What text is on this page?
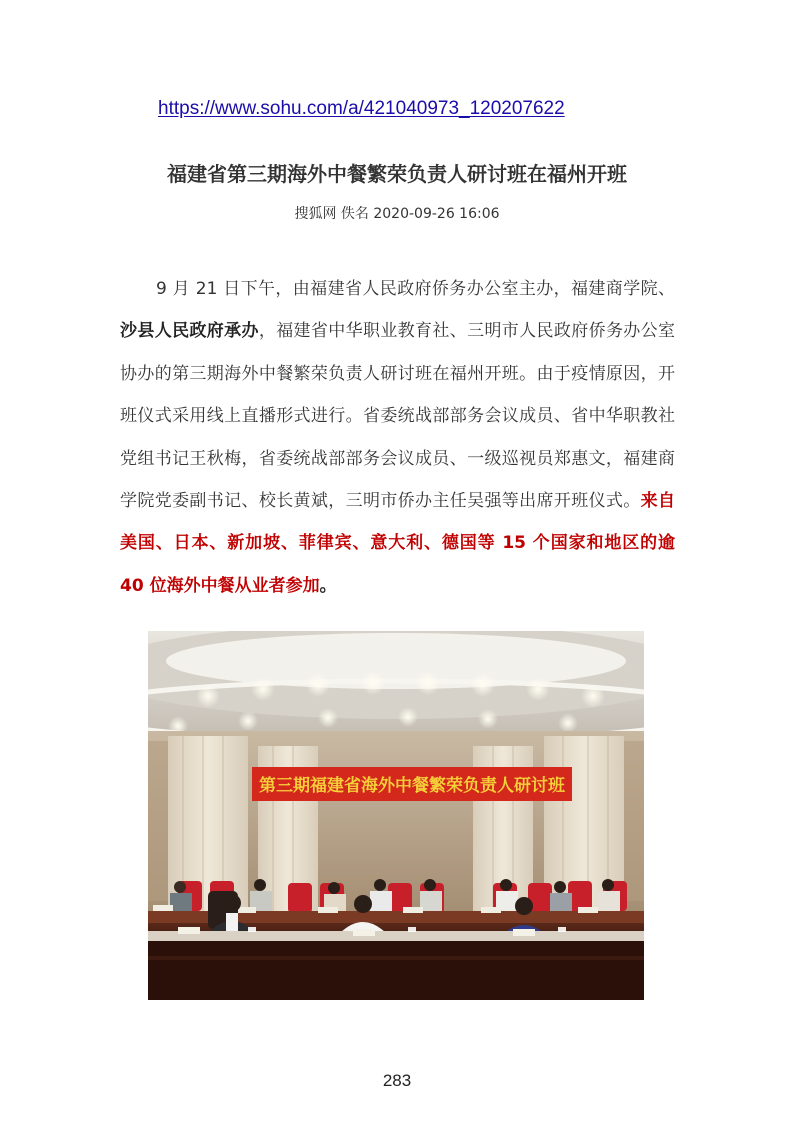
https://www.sohu.com/a/421040973_120207622
福建省第三期海外中餐繁荣负责人研讨班在福州开班
搜狐网 佚名 2020-09-26 16:06
9 月 21 日下午，由福建省人民政府侨务办公室主办，福建商学院、沙县人民政府承办，福建省中华职业教育社、三明市人民政府侨务办公室协办的第三期海外中餐繁荣负责人研讨班在福州开班。由于疫情原因，开班仪式采用线上直播形式进行。省委统战部部务会议成员、省中华职教社党组书记王秋梅，省委统战部部务会议成员、一级巡视员郑惠文，福建商学院党委副书记、校长黄斌，三明市侨办主任吴强等出席开班仪式。来自美国、日本、新加坡、菲律宾、意大利、德国等 15 个国家和地区的逾 40 位海外中餐从业者参加。
第三期福建省海外中餐繁荣负责人研讨班
283
